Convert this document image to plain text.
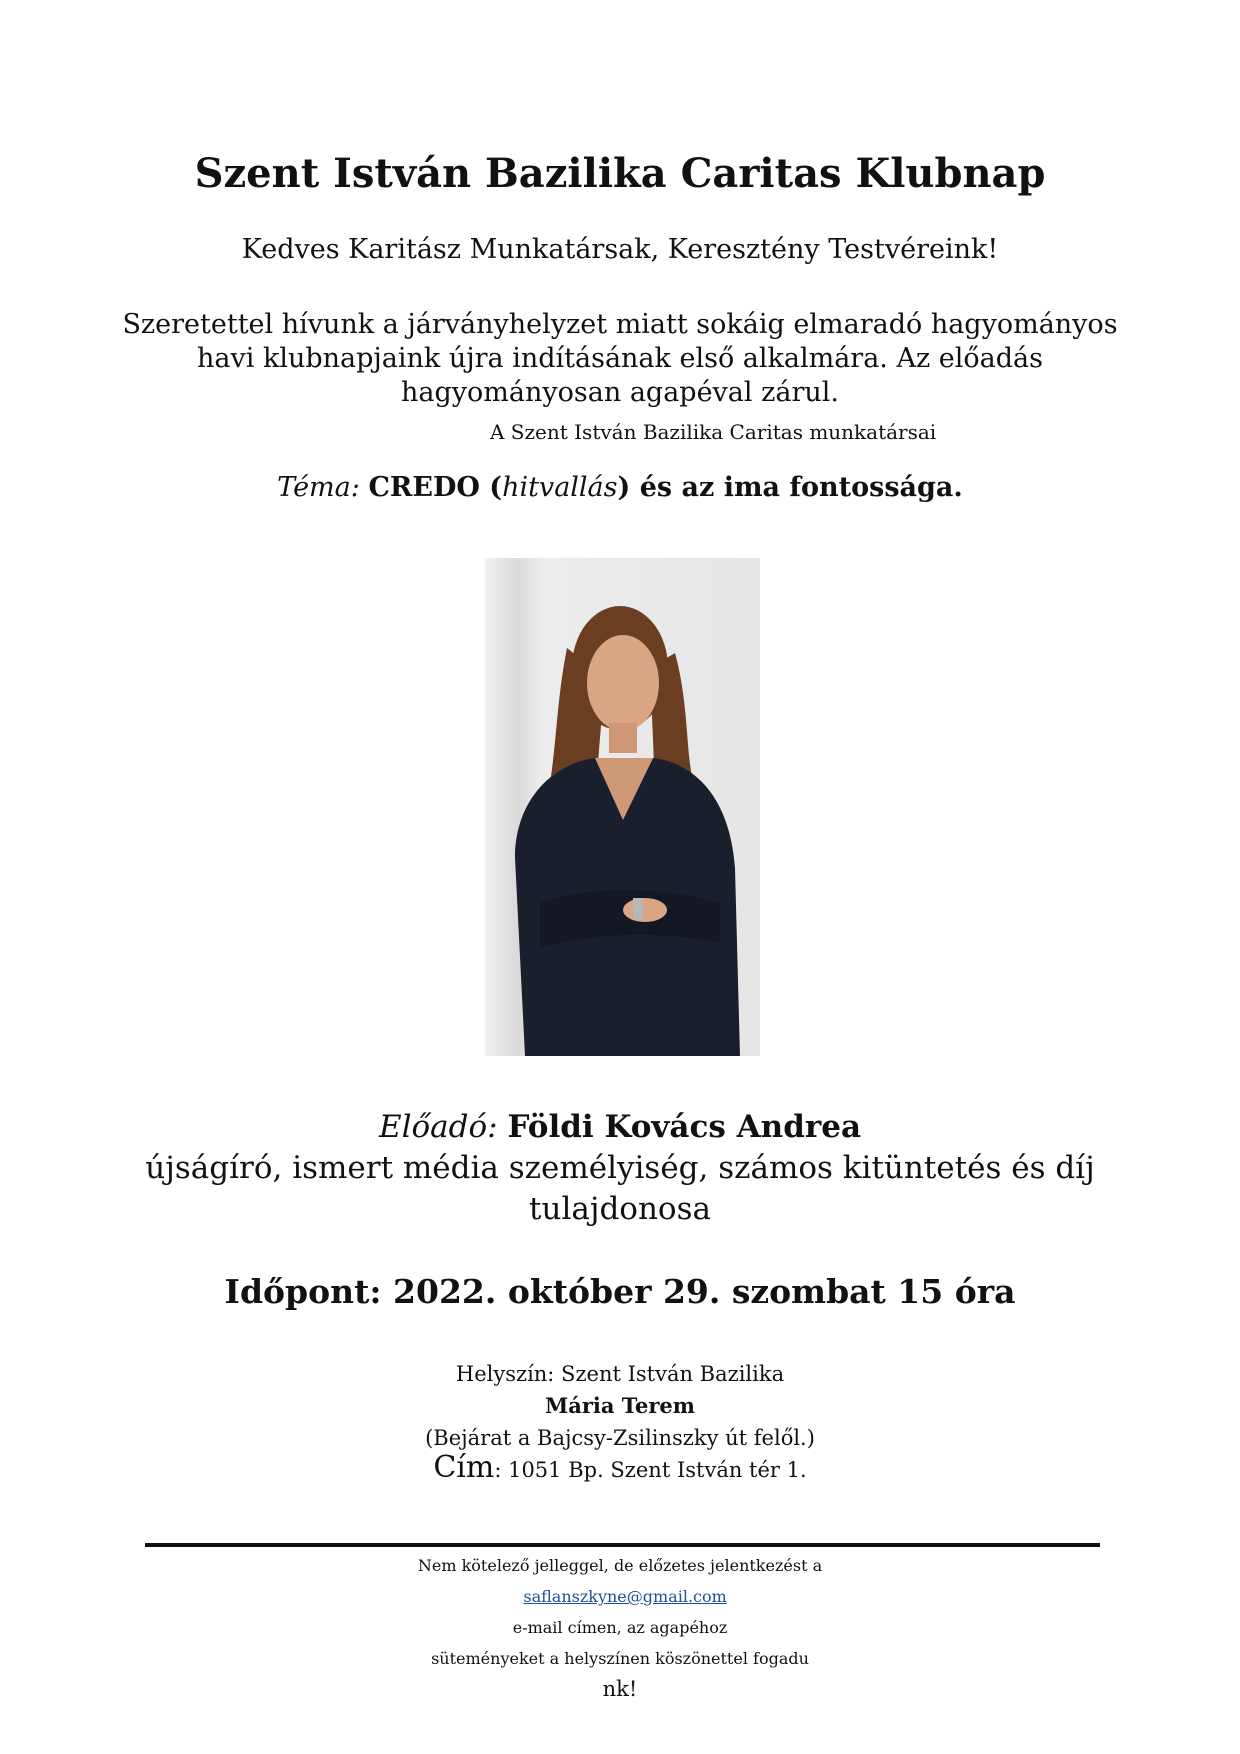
Szent István Bazilika Caritas Klubnap
Kedves Karitász Munkatársak, Keresztény Testvéreink!
Szeretettel hívunk a járványhelyzet miatt sokáig elmaradó hagyományos
havi klubnapjaink újra indításának első alkalmára. Az előadás
hagyományosan agapéval zárul.
A Szent István Bazilika Caritas munkatársai
Téma: CREDO (hitvallás) és az ima fontossága.
Előadó: Földi Kovács Andrea
újságíró, ismert média személyiség, számos kitüntetés és díj
tulajdonosa
Időpont: 2022. október 29. szombat 15 óra
Helyszín: Szent István Bazilika
Mária Terem
(Bejárat a Bajcsy-Zsilinszky út felől.)
Cím: 1051 Bp. Szent István tér 1.
Nem kötelező jelleggel, de előzetes jelentkezést a
saflanszkyne@gmail.com
e-mail címen, az agapéhoz
süteményeket a helyszínen köszönettel fogadu
nk!
